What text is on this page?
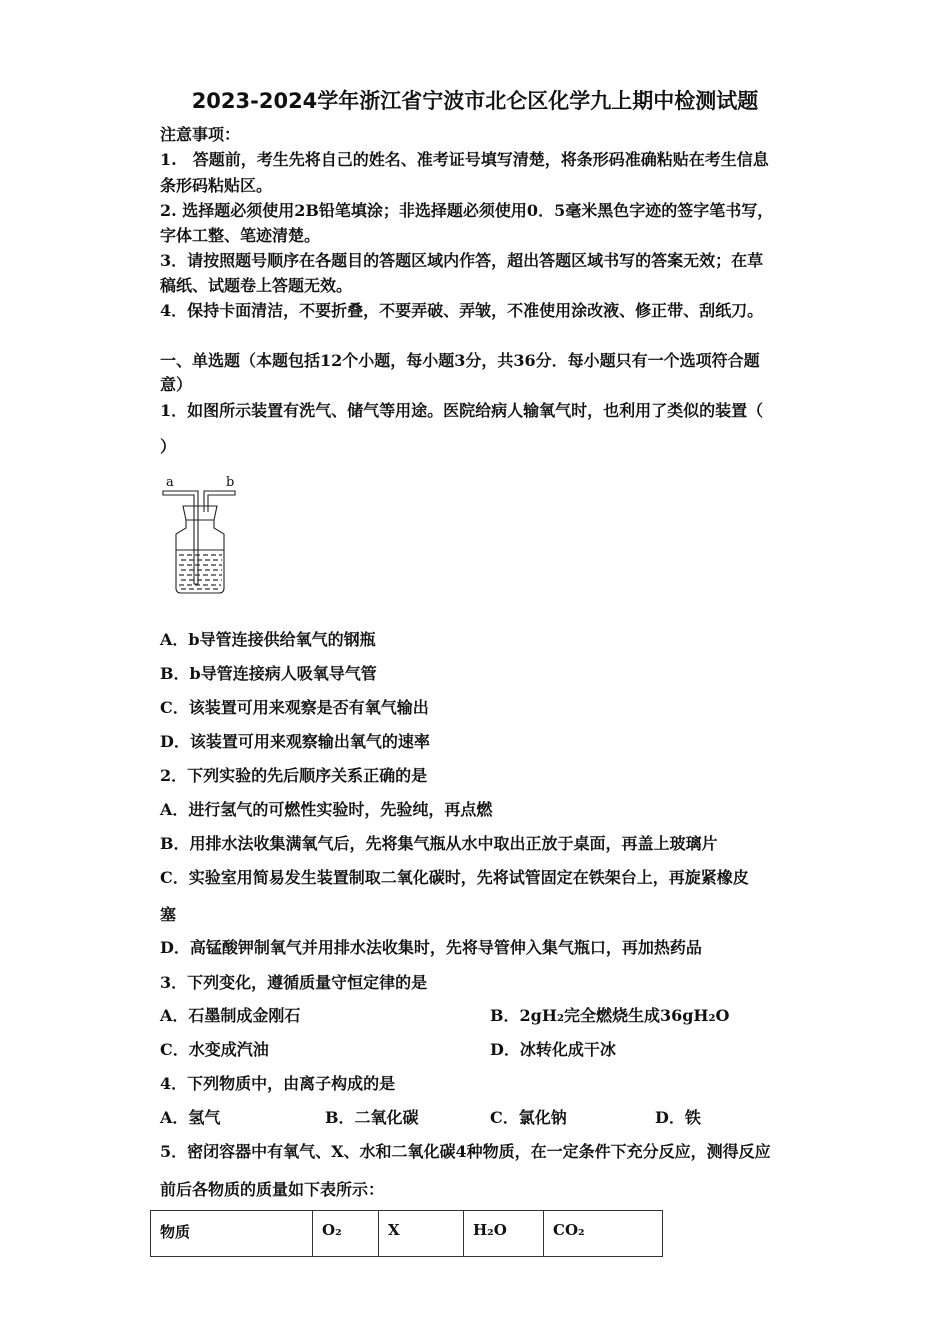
2023-2024学年浙江省宁波市北仑区化学九上期中检测试题
注意事项：
1.　答题前，考生先将自己的姓名、准考证号填写清楚，将条形码准确粘贴在考生信息
条形码粘贴区。
2. 选择题必须使用2B铅笔填涂；非选择题必须使用0．5毫米黑色字迹的签字笔书写，
字体工整、笔迹清楚。
3．请按照题号顺序在各题目的答题区域内作答，超出答题区域书写的答案无效；在草
稿纸、试题卷上答题无效。
4．保持卡面清洁，不要折叠，不要弄破、弄皱，不准使用涂改液、修正带、刮纸刀。
一、单选题（本题包括12个小题，每小题3分，共36分．每小题只有一个选项符合题
意）
1．如图所示装置有洗气、储气等用途。医院给病人输氧气时，也利用了类似的装置（
）
a	b
A．b导管连接供给氧气的钢瓶
B．b导管连接病人吸氧导气管
C．该装置可用来观察是否有氧气输出
D．该装置可用来观察输出氧气的速率
2．下列实验的先后顺序关系正确的是
A．进行氢气的可燃性实验时，先验纯，再点燃
B．用排水法收集满氧气后，先将集气瓶从水中取出正放于桌面，再盖上玻璃片
C．实验室用简易发生装置制取二氧化碳时，先将试管固定在铁架台上，再旋紧橡皮
塞
D．高锰酸钾制氧气并用排水法收集时，先将导管伸入集气瓶口，再加热药品
3．下列变化，遵循质量守恒定律的是
A．石墨制成金刚石	B．2gH₂完全燃烧生成36gH₂O
C．水变成汽油	D．冰转化成干冰
4．下列物质中，由离子构成的是
A．氢气	B．二氧化碳	C．氯化钠	D．铁
5．密闭容器中有氧气、X、水和二氧化碳4种物质，在一定条件下充分反应，测得反应
前后各物质的质量如下表所示：
物质	O₂	X	H₂O	CO₂
